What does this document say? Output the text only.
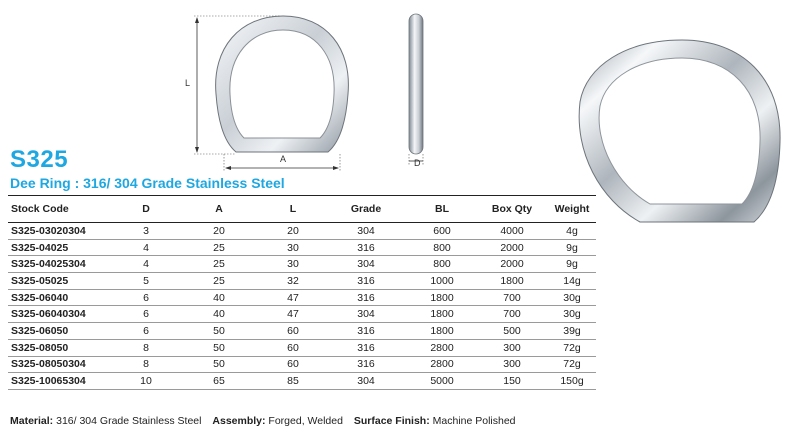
L
A	D
S325
Dee Ring : 316/ 304 Grade Stainless Steel
Stock Code	D	A	L	Grade	BL	Box Qty	Weight
S325-03020304	3	20	20	304	600	4000	4g
S325-04025	4	25	30	316	800	2000	9g
S325-04025304	4	25	30	304	800	2000	9g
S325-05025	5	25	32	316	1000	1800	14g
S325-06040	6	40	47	316	1800	700	30g
S325-06040304	6	40	47	304	1800	700	30g
S325-06050	6	50	60	316	1800	500	39g
S325-08050	8	50	60	316	2800	300	72g
S325-08050304	8	50	60	316	2800	300	72g
S325-10065304	10	65	85	304	5000	150	150g
Material: 316/ 304 Grade Stainless Steel Assembly: Forged, Welded Surface Finish: Machine Polished
